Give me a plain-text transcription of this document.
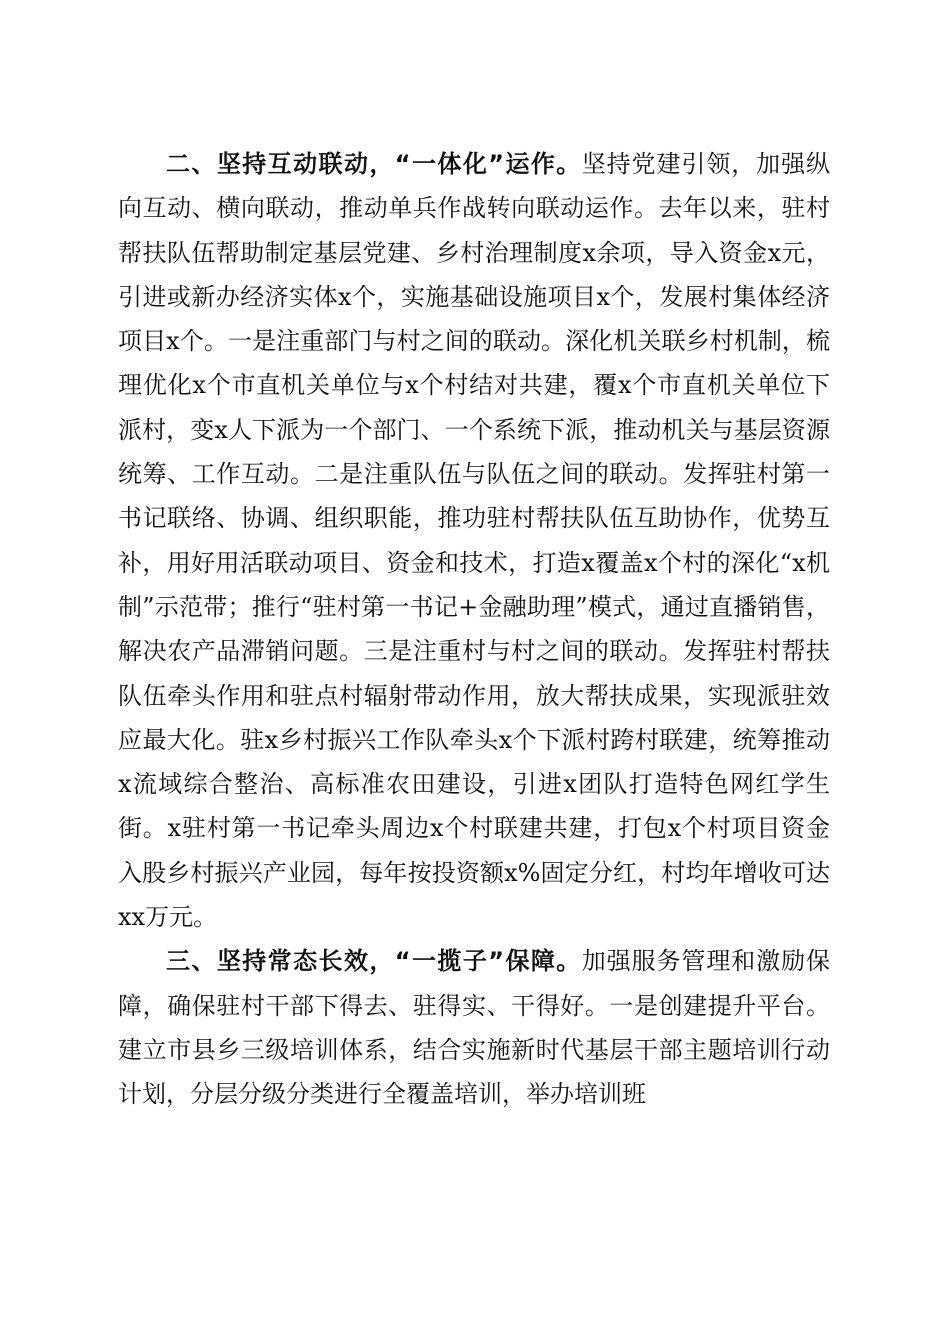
二、坚持互动联动，“一体化”运作。坚持党建引领，加强纵向互动、横向联动，推动单兵作战转向联动运作。去年以来，驻村帮扶队伍帮助制定基层党建、乡村治理制度x余项，导入资金x元，引进或新办经济实体x个，实施基础设施项目x个，发展村集体经济项目x个。一是注重部门与村之间的联动。深化机关联乡村机制，梳理优化x个市直机关单位与x个村结对共建，覆x个市直机关单位下派村，变x人下派为一个部门、一个系统下派，推动机关与基层资源统筹、工作互动。二是注重队伍与队伍之间的联动。发挥驻村第一书记联络、协调、组织职能，推功驻村帮扶队伍互助协作，优势互补，用好用活联动项目、资金和技术，打造x覆盖x个村的深化“x机制”示范带；推行“驻村第一书记+金融助理”模式，通过直播销售，解决农产品滞销问题。三是注重村与村之间的联动。发挥驻村帮扶队伍牵头作用和驻点村辐射带动作用，放大帮扶成果，实现派驻效应最大化。驻x乡村振兴工作队牵头x个下派村跨村联建，统筹推动x流域综合整治、高标准农田建设，引进x团队打造特色网红学生街。x驻村第一书记牵头周边x个村联建共建，打包x个村项目资金入股乡村振兴产业园，每年按投资额x%固定分红，村均年增收可达xx万元。

三、坚持常态长效，“一揽子”保障。加强服务管理和激励保障，确保驻村干部下得去、驻得实、干得好。一是创建提升平台。建立市县乡三级培训体系，结合实施新时代基层干部主题培训行动计划，分层分级分类进行全覆盖培训，举办培训班
